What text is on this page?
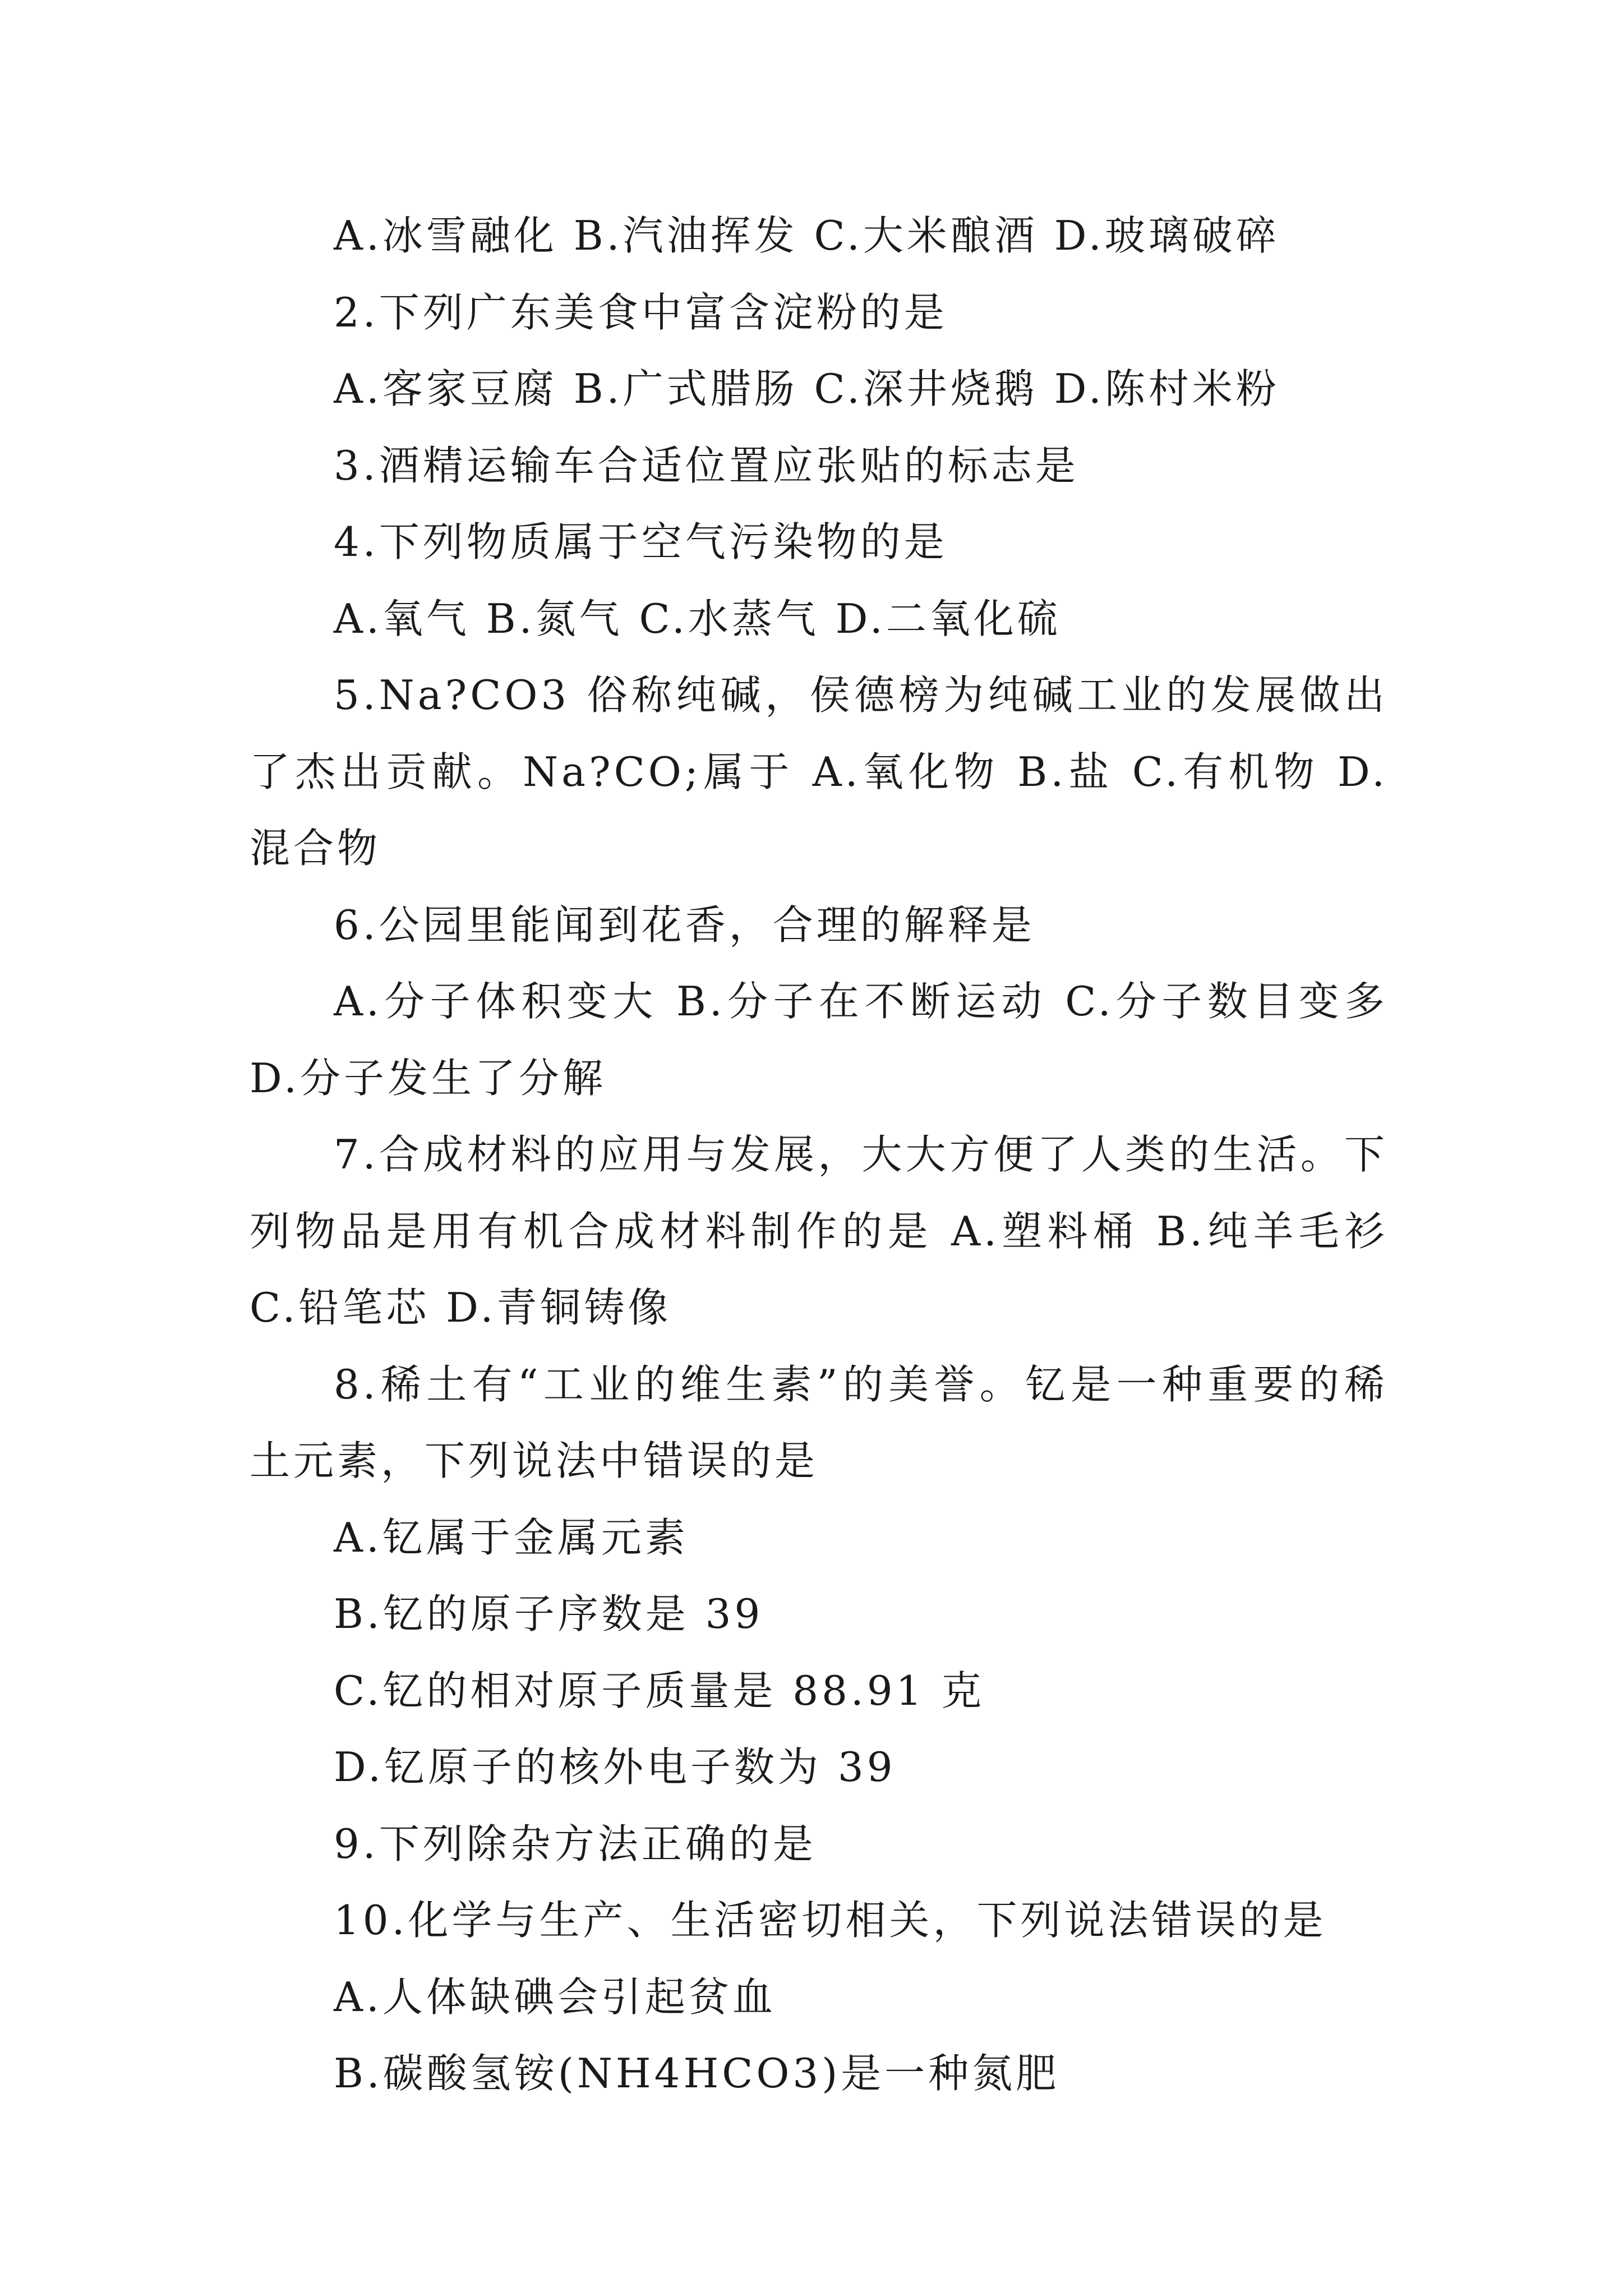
A.冰雪融化 B.汽油挥发 C.大米酿酒 D.玻璃破碎

2.下列广东美食中富含淀粉的是

A.客家豆腐 B.广式腊肠 C.深井烧鹅 D.陈村米粉

3.酒精运输车合适位置应张贴的标志是

4.下列物质属于空气污染物的是

A.氧气 B.氮气 C.水蒸气 D.二氧化硫

5.Na?CO3 俗称纯碱，侯德榜为纯碱工业的发展做出了杰出贡献。Na?CO;属于 A.氧化物 B.盐 C.有机物 D.混合物

6.公园里能闻到花香，合理的解释是

A.分子体积变大 B.分子在不断运动 C.分子数目变多 D.分子发生了分解

7.合成材料的应用与发展，大大方便了人类的生活。下列物品是用有机合成材料制作的是 A.塑料桶 B.纯羊毛衫 C.铅笔芯 D.青铜铸像

8.稀土有“工业的维生素”的美誉。钇是一种重要的稀土元素，下列说法中错误的是

A.钇属于金属元素

B.钇的原子序数是 39

C.钇的相对原子质量是 88.91 克

D.钇原子的核外电子数为 39

9.下列除杂方法正确的是

10.化学与生产、生活密切相关，下列说法错误的是

A.人体缺碘会引起贫血

B.碳酸氢铵(NH4HCO3)是一种氮肥
